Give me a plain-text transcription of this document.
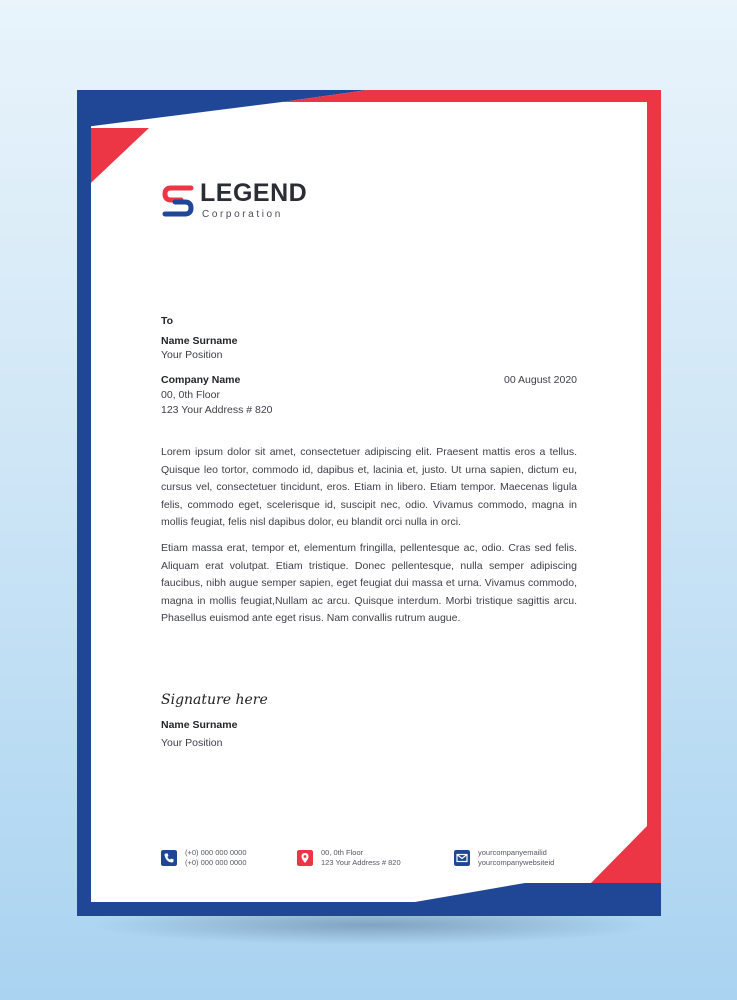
LEGEND
Corporation
To
Name Surname
Your Position
Company Name
00, 0th Floor
123 Your Address # 820
00 August 2020
Lorem ipsum dolor sit amet, consectetuer adipiscing elit. Praesent mattis eros a tellus. Quisque leo tortor, commodo id, dapibus et, lacinia et, justo. Ut urna sapien, dictum eu, cursus vel, consectetuer tincidunt, eros. Etiam in libero. Etiam tempor. Maecenas ligula felis, commodo eget, scelerisque id, suscipit nec, odio. Vivamus commodo, magna in mollis feugiat, felis nisl dapibus dolor, eu blandit orci nulla in orci.
Etiam massa erat, tempor et, elementum fringilla, pellentesque ac, odio. Cras sed felis. Aliquam erat volutpat. Etiam tristique. Donec pellentesque, nulla semper adipiscing faucibus, nibh augue semper sapien, eget feugiat dui massa et urna. Vivamus commodo, magna in mollis feugiat,Nullam ac arcu. Quisque interdum. Morbi tristique sagittis arcu. Phasellus euismod ante eget risus. Nam convallis rutrum augue.
Signature here
Name Surname
Your Position
(+0) 000 000 0000
(+0) 000 000 0000
00, 0th Floor
123 Your Address # 820
yourcompanyemailid
yourcompanywebsiteid
